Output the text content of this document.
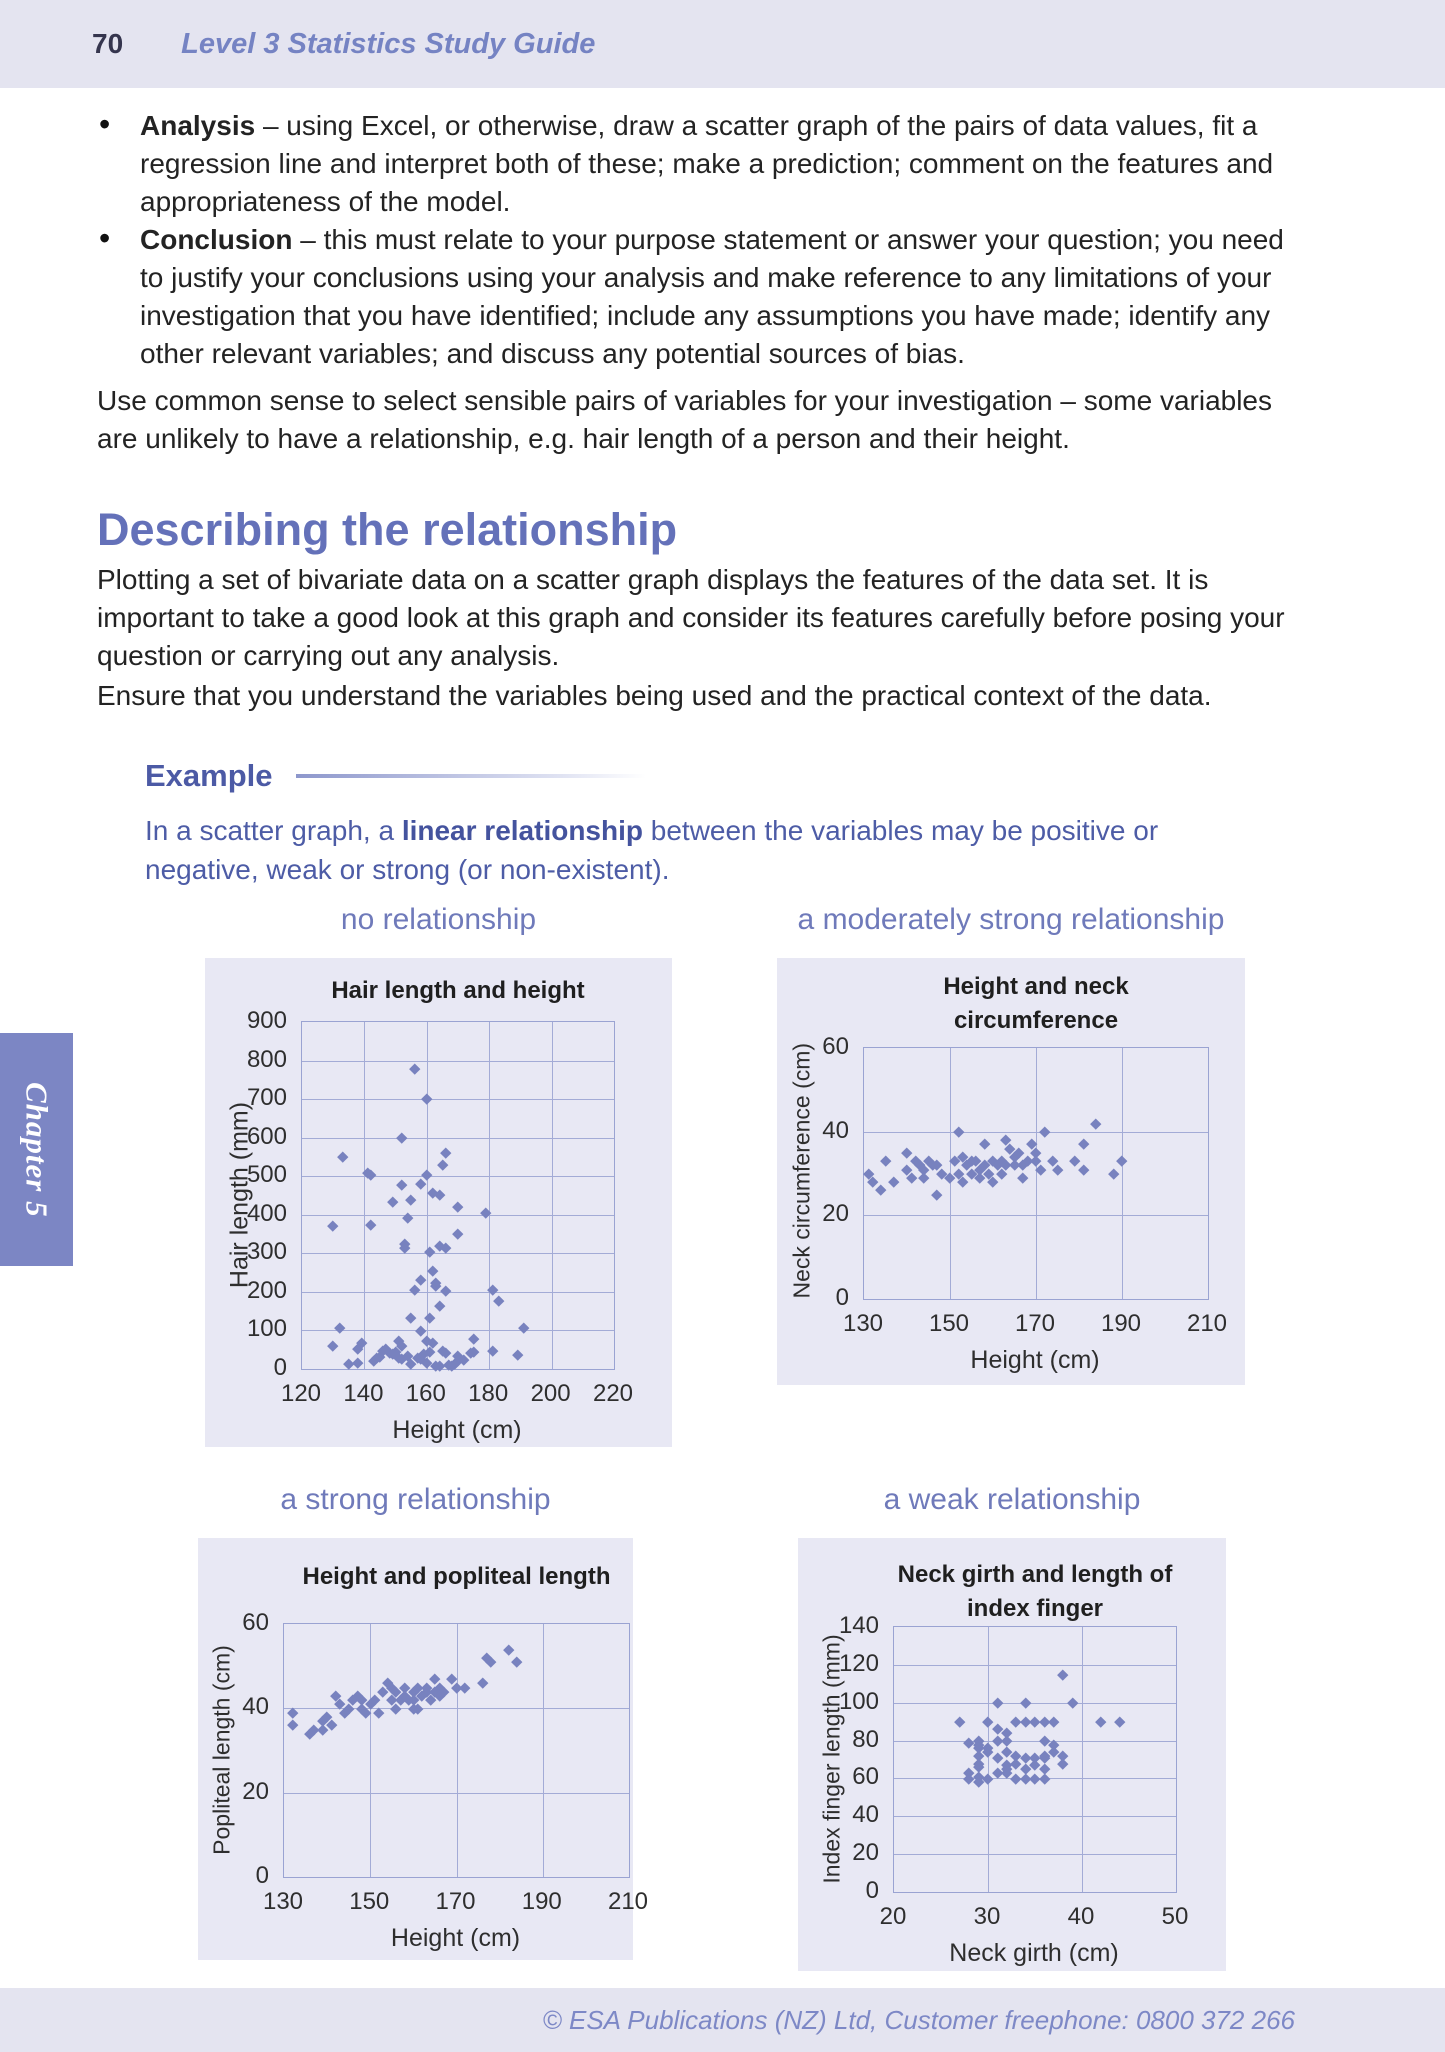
70 Level 3 Statistics Study Guide
• Analysis – using Excel, or otherwise, draw a scatter graph of the pairs of data values, fit a regression line and interpret both of these; make a prediction; comment on the features and appropriateness of the model.
• Conclusion – this must relate to your purpose statement or answer your question; you need to justify your conclusions using your analysis and make reference to any limitations of your investigation that you have identified; include any assumptions you have made; identify any other relevant variables; and discuss any potential sources of bias.
Use common sense to select sensible pairs of variables for your investigation – some variables are unlikely to have a relationship, e.g. hair length of a person and their height.
Describing the relationship
Plotting a set of bivariate data on a scatter graph displays the features of the data set. It is important to take a good look at this graph and consider its features carefully before posing your question or carrying out any analysis.
Ensure that you understand the variables being used and the practical context of the data.
Example
In a scatter graph, a linear relationship between the variables may be positive or negative, weak or strong (or non-existent).
no relationship	a moderately strong relationship
a strong relationship	a weak relationship
Hair length and height
Hair length (mm)
Height (cm)
120 140 160 180 200 220
0
100
200
300
400
500
600
700
800
900
Height and neck circumference
Neck circumference (cm)
Height (cm)
130 150 170 190 210
0
20
40
60
Height and popliteal length
Popliteal length (cm)
Height (cm)
130 150 170 190 210
0
20
40
60
Neck girth and length of index finger
Index finger length (mm)
Neck girth (cm)
20	30	40	50
0
20
40
60
80
100
120
140
Chapter 5
© ESA Publications (NZ) Ltd, Customer freephone: 0800 372 266
